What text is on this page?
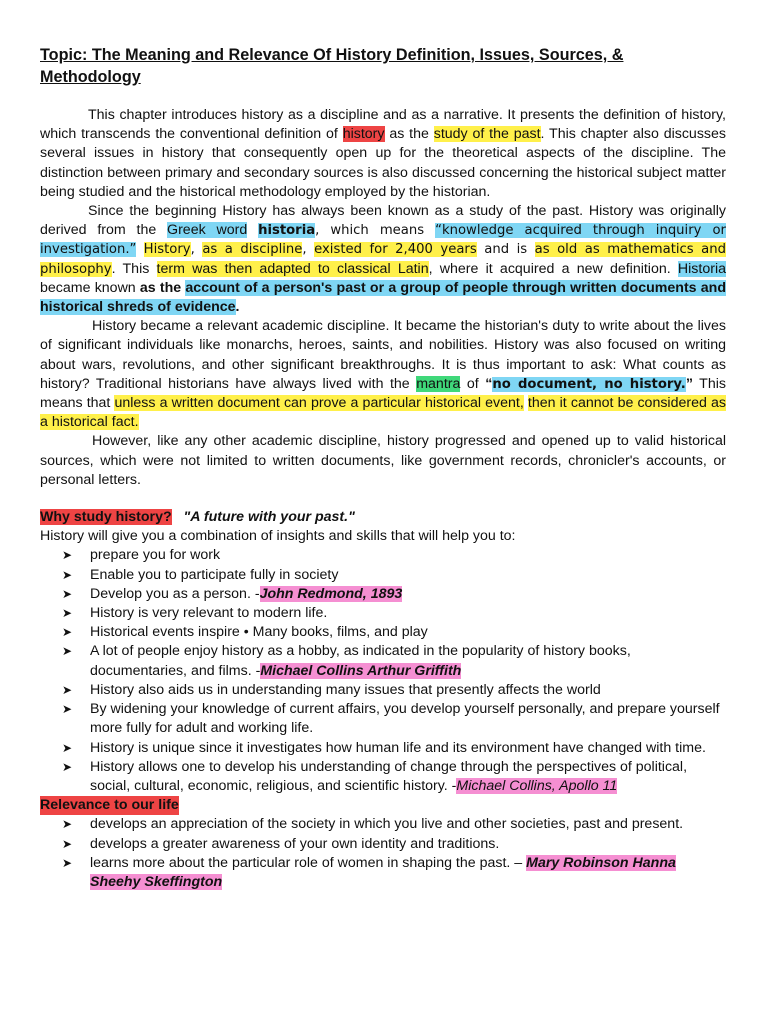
Topic: The Meaning and Relevance Of History Definition, Issues, Sources, & Methodology

This chapter introduces history as a discipline and as a narrative. It presents the definition of history, which transcends the conventional definition of history as the study of the past. This chapter also discusses several issues in history that consequently open up for the theoretical aspects of the discipline. The distinction between primary and secondary sources is also discussed concerning the historical subject matter being studied and the historical methodology employed by the historian.

Since the beginning History has always been known as a study of the past. History was originally derived from the Greek word historia, which means “knowledge acquired through inquiry or investigation.” History, as a discipline, existed for 2,400 years and is as old as mathematics and philosophy. This term was then adapted to classical Latin, where it acquired a new definition. Historia became known as the account of a person's past or a group of people through written documents and historical shreds of evidence.

History became a relevant academic discipline. It became the historian's duty to write about the lives of significant individuals like monarchs, heroes, saints, and nobilities. History was also focused on writing about wars, revolutions, and other significant breakthroughs. It is thus important to ask: What counts as history? Traditional historians have always lived with the mantra of “no document, no history.” This means that unless a written document can prove a particular historical event, then it cannot be considered as a historical fact.

However, like any other academic discipline, history progressed and opened up to valid historical sources, which were not limited to written documents, like government records, chronicler's accounts, or personal letters.

Why study history? "A future with your past."

History will give you a combination of insights and skills that will help you to:

➤ prepare you for work
➤ Enable you to participate fully in society
➤ Develop you as a person. -John Redmond, 1893
➤ History is very relevant to modern life.
➤ Historical events inspire • Many books, films, and play
➤ A lot of people enjoy history as a hobby, as indicated in the popularity of history books, documentaries, and films. -Michael Collins Arthur Griffith
➤ History also aids us in understanding many issues that presently affects the world
➤ By widening your knowledge of current affairs, you develop yourself personally, and prepare yourself more fully for adult and working life.
➤ History is unique since it investigates how human life and its environment have changed with time.
➤ History allows one to develop his understanding of change through the perspectives of political, social, cultural, economic, religious, and scientific history. -Michael Collins, Apollo 11
Relevance to our life
➤ develops an appreciation of the society in which you live and other societies, past and present.
➤ develops a greater awareness of your own identity and traditions.
➤ learns more about the particular role of women in shaping the past. – Mary Robinson Hanna Sheehy Skeffington
